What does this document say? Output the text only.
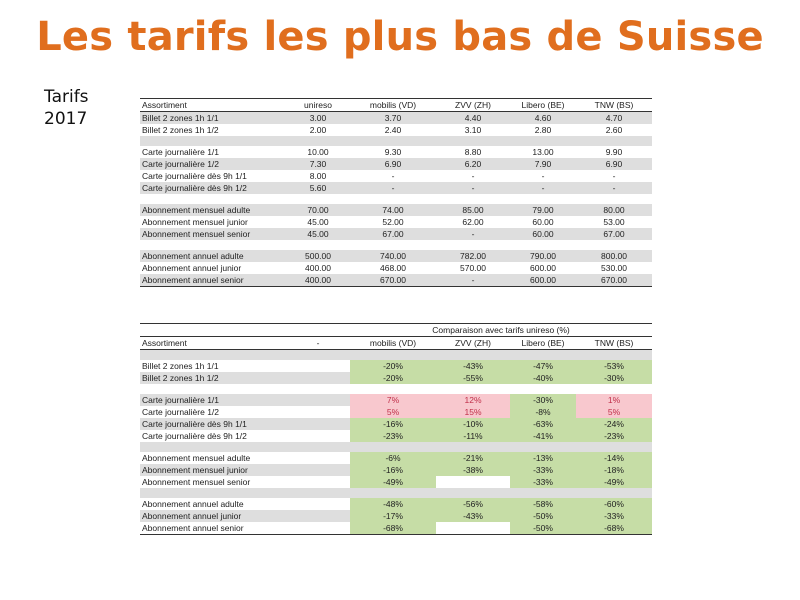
Les tarifs les plus bas de Suisse
Tarifs
2017
Assortiment	unireso	mobilis (VD)	ZVV (ZH)	Libero (BE)	TNW (BS)
Billet 2 zones 1h 1/1	3.00	3.70	4.40	4.60	4.70
Billet 2 zones 1h 1/2	2.00	2.40	3.10	2.80	2.60

Carte journalière 1/1	10.00	9.30	8.80	13.00	9.90
Carte journalière 1/2	7.30	6.90	6.20	7.90	6.90
Carte journalière dès 9h 1/1	8.00	-	-	-	-
Carte journalière dès 9h 1/2	5.60	-	-	-	-

Abonnement mensuel adulte	70.00	74.00	85.00	79.00	80.00
Abonnement mensuel junior	45.00	52.00	62.00	60.00	53.00
Abonnement mensuel senior	45.00	67.00	-	60.00	67.00

Abonnement annuel adulte	500.00	740.00	782.00	790.00	800.00
Abonnement annuel junior	400.00	468.00	570.00	600.00	530.00
Abonnement annuel senior	400.00	670.00	-	600.00	670.00
		Comparaison avec tarifs unireso (%)			
Assortiment	-	mobilis (VD)	ZVV (ZH)	Libero (BE)	TNW (BS)

Billet 2 zones 1h 1/1		-20%	-43%	-47%	-53%
Billet 2 zones 1h 1/2		-20%	-55%	-40%	-30%

Carte journalière 1/1		7%	12%	-30%	1%
Carte journalière 1/2		5%	15%	-8%	5%
Carte journalière dès 9h 1/1		-16%	-10%	-63%	-24%
Carte journalière dès 9h 1/2		-23%	-11%	-41%	-23%

Abonnement mensuel adulte		-6%	-21%	-13%	-14%
Abonnement mensuel junior		-16%	-38%	-33%	-18%
Abonnement mensuel senior		-49%		-33%	-49%

Abonnement annuel adulte		-48%	-56%	-58%	-60%
Abonnement annuel junior		-17%	-43%	-50%	-33%
Abonnement annuel senior		-68%		-50%	-68%
